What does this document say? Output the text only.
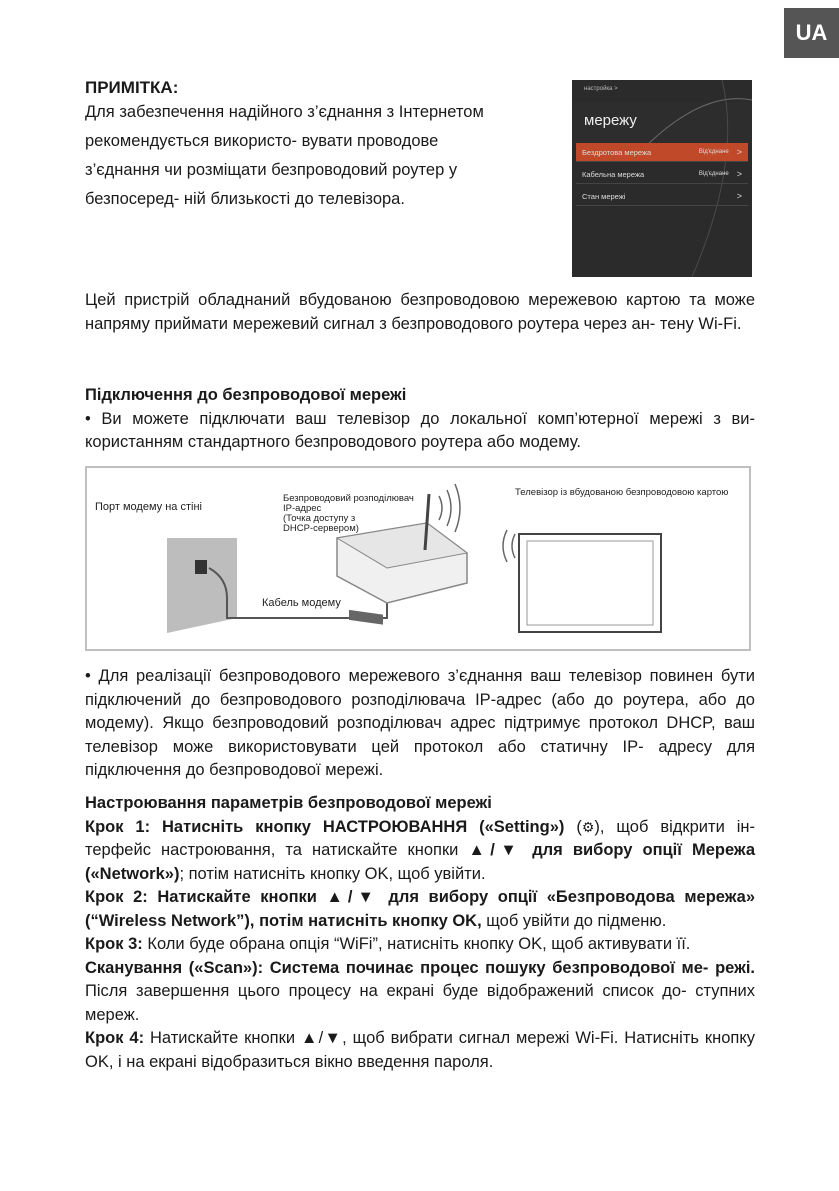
UA
ПРИМІТКА:
Для забезпечення надійного з’єднання з Інтернетом
рекомендується використо- вувати проводове
з’єднання чи розміщати безпроводовий роутер у
безпосеред- ній близькості до телевізора.
настройка >
мережу
Бездротова мережа	Від'єднане >
Кабельна мережа	Від'єднане >
Стан мережі	>
Цей пристрій обладнаний вбудованою безпроводовою мережевою картою та може напряму приймати мережевий сигнал з безпроводового роутера через ан- тену Wi-Fi.
Підключення до безпроводової мережі
• Ви можете підключати ваш телевізор до локальної комп’ютерної мережі з ви- користанням стандартного безпроводового роутера або модему.
Порт модему на стіні
Безпроводовий розподілювач
IP-адрес
(Точка доступу з
DHCP-сервером)
Телевізор із вбудованою безпроводовою картою
Кабель модему
• Для реалізації безпроводового мережевого з’єднання ваш телевізор повинен бути підключений до безпроводового розподілювача IP-адрес (або до роутера, або до модему). Якщо безпроводовий розподілювач адрес підтримує протокол DHCP, ваш телевізор може використовувати цей протокол або статичну IP- адресу для підключення до безпроводової мережі.
Настроювання параметрів безпроводової мережі
Крок 1: Натисніть кнопку НАСТРОЮВАННЯ («Setting») (⚙), щоб відкрити ін- терфейс настроювання, та натискайте кнопки ▲/▼ для вибору опції Мережа («Network»); потім натисніть кнопку OK, щоб увійти.
Крок 2: Натискайте кнопки ▲/▼ для вибору опції «Безпроводова мережа» (“Wireless Network”), потім натисніть кнопку OK, щоб увійти до підменю.
Крок 3: Коли буде обрана опція “WiFi”, натисніть кнопку OK, щоб активувати її.
Сканування («Scan»): Система починає процес пошуку безпроводової ме- режі. Після завершення цього процесу на екрані буде відображений список до- ступних мереж.
Крок 4: Натискайте кнопки ▲/▼, щоб вибрати сигнал мережі Wi-Fi. Натисніть кнопку OK, і на екрані відобразиться вікно введення пароля.
